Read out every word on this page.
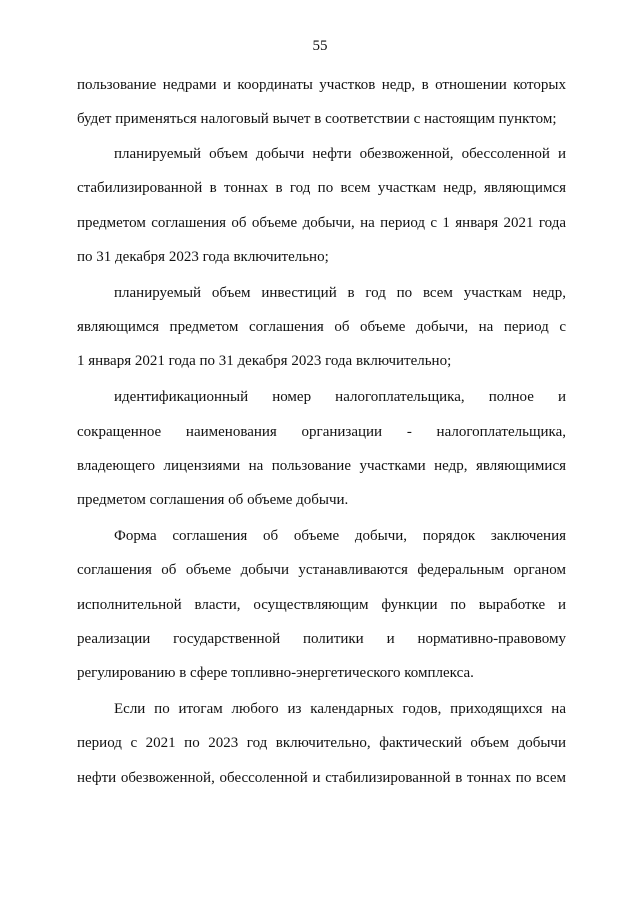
55
пользование недрами и координаты участков недр, в отношении которых
будет применяться налоговый вычет в соответствии с настоящим пунктом;
планируемый объем добычи нефти обезвоженной, обессоленной и
стабилизированной в тоннах в год по всем участкам недр, являющимся
предметом соглашения об объеме добычи, на период с 1 января 2021 года
по 31 декабря 2023 года включительно;
планируемый объем инвестиций в год по всем участкам недр,
являющимся предметом соглашения об объеме добычи, на период с
1 января 2021 года по 31 декабря 2023 года включительно;
идентификационный номер налогоплательщика, полное и
сокращенное наименования организации - налогоплательщика,
владеющего лицензиями на пользование участками недр, являющимися
предметом соглашения об объеме добычи.
Форма соглашения об объеме добычи, порядок заключения
соглашения об объеме добычи устанавливаются федеральным органом
исполнительной власти, осуществляющим функции по выработке и
реализации государственной политики и нормативно-правовому
регулированию в сфере топливно-энергетического комплекса.
Если по итогам любого из календарных годов, приходящихся на
период с 2021 по 2023 год включительно, фактический объем добычи
нефти обезвоженной, обессоленной и стабилизированной в тоннах по всем
